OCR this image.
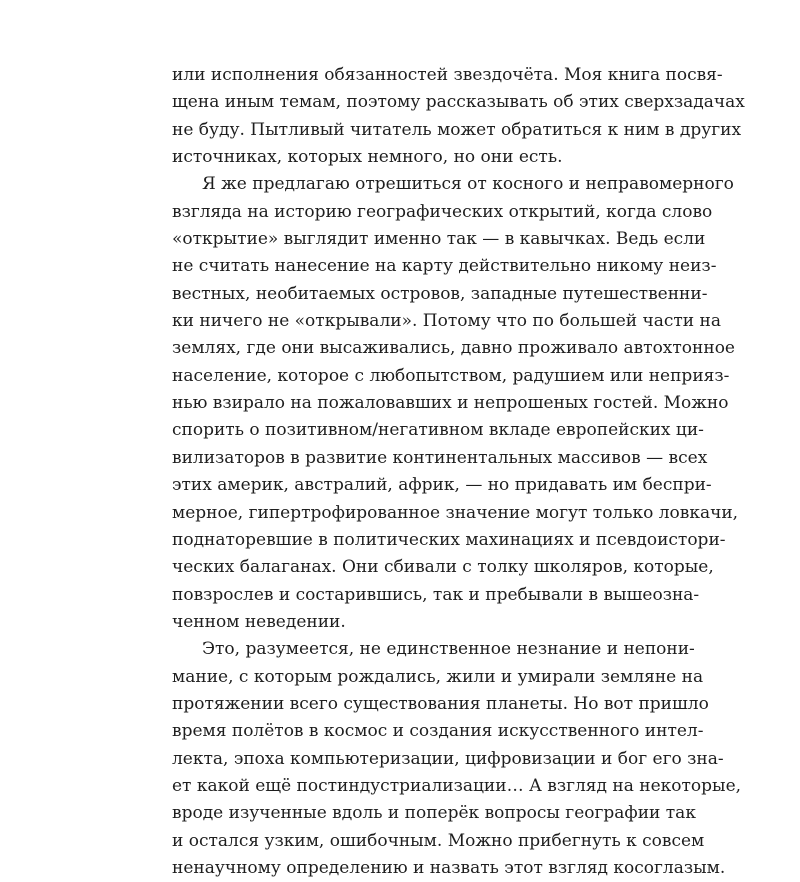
или исполнения обязанностей звездочёта. Моя книга посвя-
щена иным темам, поэтому рассказывать об этих сверхзадачах
не буду. Пытливый читатель может обратиться к ним в других
источниках, которых немного, но они есть.
Я же предлагаю отрешиться от косного и неправомерного
взгляда на историю географических открытий, когда слово
«открытие» выглядит именно так — в кавычках. Ведь если
не считать нанесение на карту действительно никому неиз-
вестных, необитаемых островов, западные путешественни-
ки ничего не «открывали». Потому что по большей части на
землях, где они высаживались, давно проживало автохтонное
население, которое с любопытством, радушием или неприяз-
нью взирало на пожаловавших и непрошеных гостей. Можно
спорить о позитивном/негативном вкладе европейских ци-
вилизаторов в развитие континентальных массивов — всех
этих америк, австралий, африк, — но придавать им беспри-
мерное, гипертрофированное значение могут только ловкачи,
поднаторевшие в политических махинациях и псевдоистори-
ческих балаганах. Они сбивали с толку школяров, которые,
повзрослев и состарившись, так и пребывали в вышеозна-
ченном неведении.
Это, разумеется, не единственное незнание и непони-
мание, с которым рождались, жили и умирали земляне на
протяжении всего существования планеты. Но вот пришло
время полётов в космос и создания искусственного интел-
лекта, эпоха компьютеризации, цифровизации и бог его зна-
ет какой ещё постиндустриализации… А взгляд на некоторые,
вроде изученные вдоль и поперёк вопросы географии так
и остался узким, ошибочным. Можно прибегнуть к совсем
ненаучному определению и назвать этот взгляд косоглазым.
